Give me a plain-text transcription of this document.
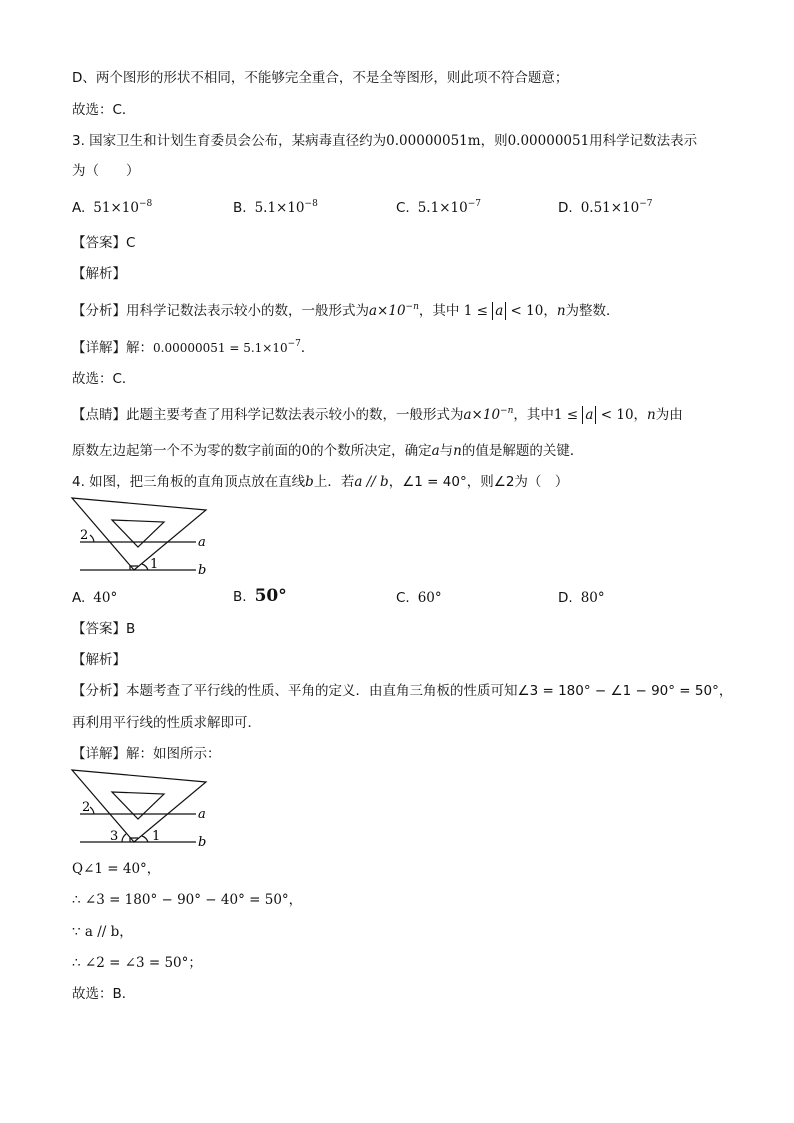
D、两个图形的形状不相同，不能够完全重合，不是全等图形，则此项不符合题意；
故选：C．
3. 国家卫生和计划生育委员会公布，某病毒直径约为0.00000051m，则0.00000051用科学记数法表示
为（　　）
A. $51\times 10^{-8}$	B. $5.1\times 10^{-8}$	C. $5.1\times 10^{-7}$	D. $0.51\times 10^{-7}$
【答案】C
【解析】
【分析】用科学记数法表示较小的数，一般形式为$a\times 10^{-n}$，其中 1 ≤ a < 10，n为整数．
【详解】解：$0.00000051 = 5.1\times 10^{-7}$．
故选：C．
【点睛】此题主要考查了用科学记数法表示较小的数，一般形式为$a\times 10^{-n}$，其中1 ≤ a < 10，n为由
原数左边起第一个不为零的数字前面的0的个数所决定，确定a与n的值是解题的关键．
4. 如图，把三角板的直角顶点放在直线b上．若a // b，∠1 = 40°，则∠2为（　）
2
1
a
b
A. 40°	B. 50°	C. 60°	D. 80°
【答案】B
【解析】
【分析】本题考查了平行线的性质、平角的定义．由直角三角板的性质可知∠3 = 180° − ∠1 − 90° = 50°，
再利用平行线的性质求解即可．
【详解】解：如图所示：
2
1
3
a
b
Q∠1 = 40°，
∴ ∠3 = 180° − 90° − 40° = 50°，
∵ a // b，
∴ ∠2 = ∠3 = 50°；
故选：B．
